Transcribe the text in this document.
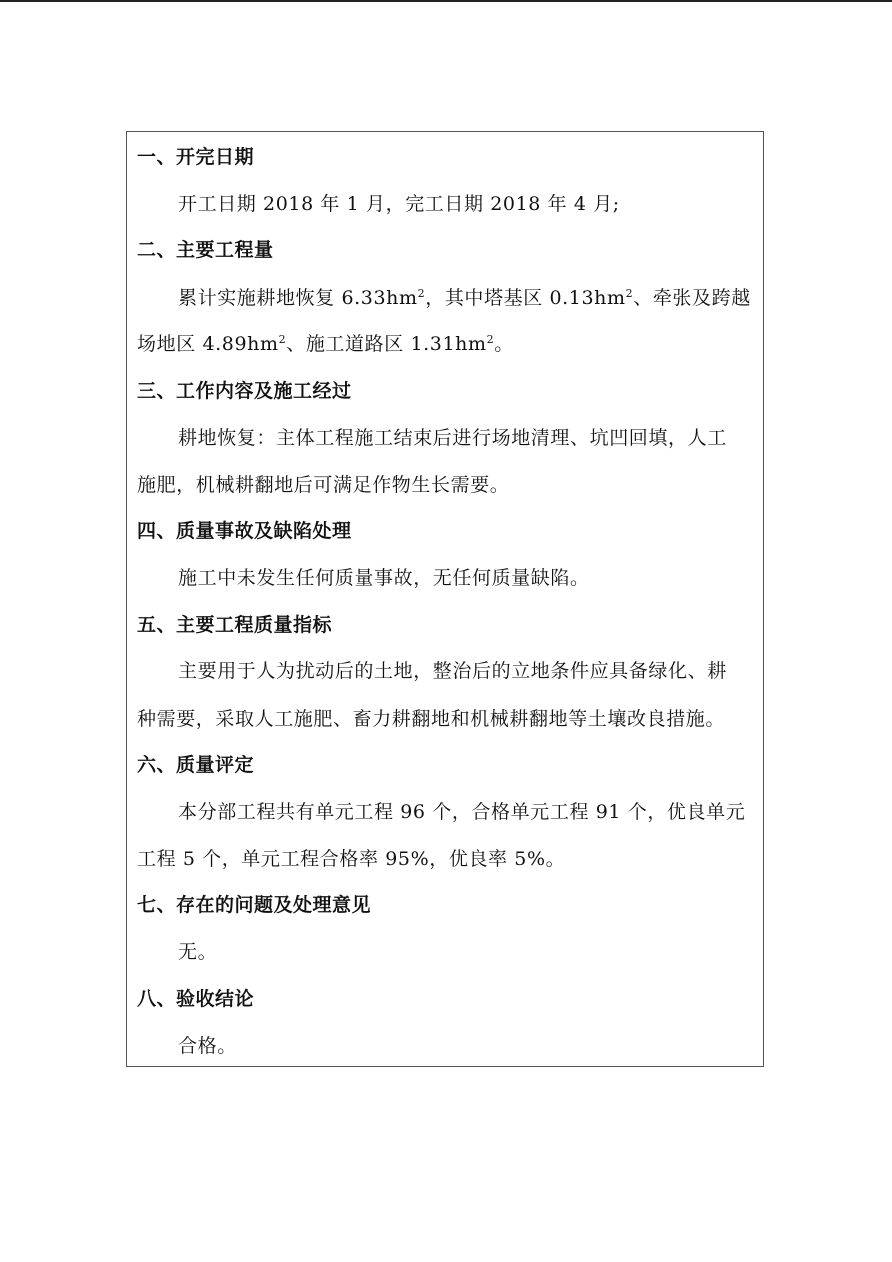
一、开完日期
开工日期 2018 年 1 月，完工日期 2018 年 4 月;
二、主要工程量
累计实施耕地恢复 $6.33hm^2$，其中塔基区 $0.13hm^2$、牵张及跨越
场地区 $4.89hm^2$、施工道路区 $1.31hm^2$。
三、工作内容及施工经过
耕地恢复：主体工程施工结束后进行场地清理、坑凹回填，人工
施肥，机械耕翻地后可满足作物生长需要。
四、质量事故及缺陷处理
施工中未发生任何质量事故，无任何质量缺陷。
五、主要工程质量指标
主要用于人为扰动后的土地，整治后的立地条件应具备绿化、耕
种需要，采取人工施肥、畜力耕翻地和机械耕翻地等土壤改良措施。
六、质量评定
本分部工程共有单元工程 96 个，合格单元工程 91 个，优良单元
工程 5 个，单元工程合格率 95%，优良率 5%。
七、存在的问题及处理意见
无。
八、验收结论
合格。
